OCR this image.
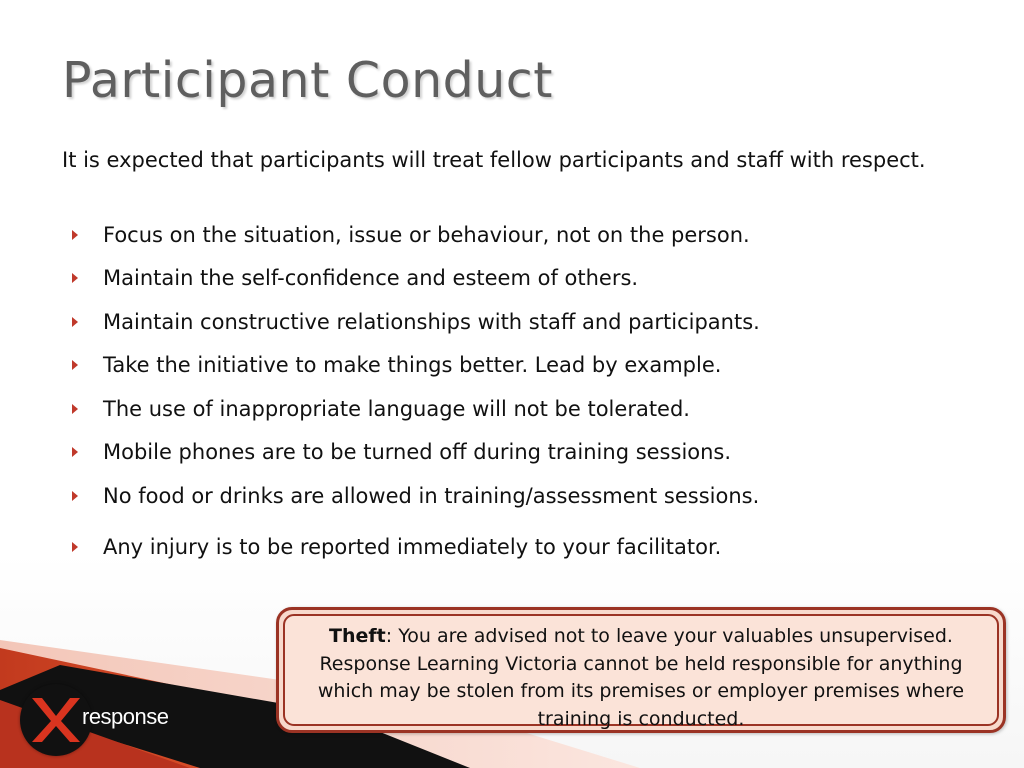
Participant Conduct

It is expected that participants will treat fellow participants and staff with respect.

Focus on the situation, issue or behaviour, not on the person.
Maintain the self-confidence and esteem of others.
Maintain constructive relationships with staff and participants.
Take the initiative to make things better. Lead by example.
The use of inappropriate language will not be tolerated.
Mobile phones are to be turned off during training sessions.
No food or drinks are allowed in training/assessment sessions.
Any injury is to be reported immediately to your facilitator.
response
Theft: You are advised not to leave your valuables unsupervised. Response Learning Victoria cannot be held responsible for anything which may be stolen from its premises or employer premises where training is conducted.
